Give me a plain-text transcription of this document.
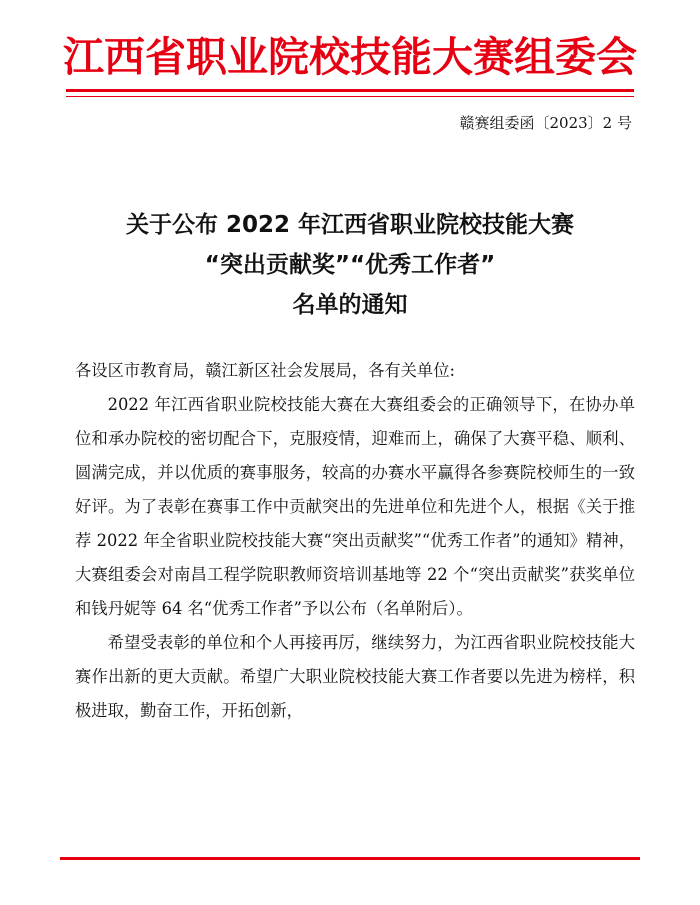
江西省职业院校技能大赛组委会
赣赛组委函〔2023〕2 号
关于公布 2022 年江西省职业院校技能大赛
“突出贡献奖”“优秀工作者”
名单的通知

各设区市教育局，赣江新区社会发展局，各有关单位:

2022 年江西省职业院校技能大赛在大赛组委会的正确领导下，在协办单位和承办院校的密切配合下，克服疫情，迎难而上，确保了大赛平稳、顺利、圆满完成，并以优质的赛事服务，较高的办赛水平赢得各参赛院校师生的一致好评。为了表彰在赛事工作中贡献突出的先进单位和先进个人，根据《关于推荐 2022 年全省职业院校技能大赛“突出贡献奖”“优秀工作者”的通知》精神，大赛组委会对南昌工程学院职教师资培训基地等 22 个“突出贡献奖”获奖单位和钱丹妮等 64 名“优秀工作者”予以公布（名单附后）。

希望受表彰的单位和个人再接再厉，继续努力，为江西省职业院校技能大赛作出新的更大贡献。希望广大职业院校技能大赛工作者要以先进为榜样，积极进取，勤奋工作，开拓创新，
